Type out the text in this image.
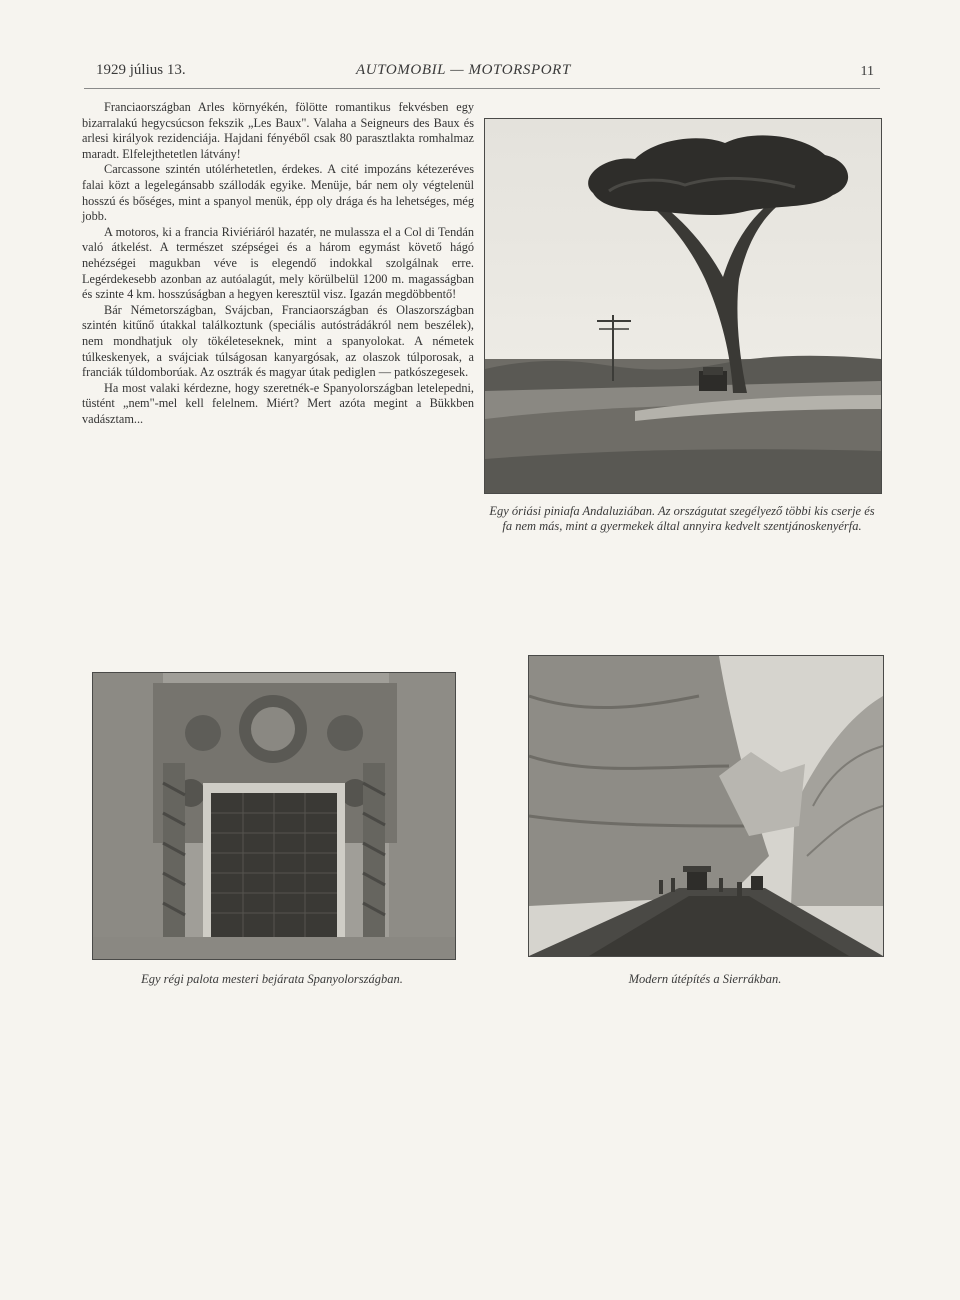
1929 július 13.	AUTOMOBIL — MOTORSPORT	11

Franciaországban Arles környékén, fölötte romantikus fekvésben egy bizarralakú hegycsúcson fekszik „Les Baux". Valaha a Seigneurs des Baux és arlesi királyok rezidenciája. Hajdani fényéből csak 80 parasztlakta romhalmaz maradt. Elfelejthetetlen látvány!

Carcassone szintén utólérhetetlen, érdekes. A cité impozáns kétezeréves falai közt a legelegánsabb szállodák egyike. Menüje, bár nem oly végtelenül hosszú és bőséges, mint a spanyol menük, épp oly drága és ha lehetséges, még jobb.

A motoros, ki a francia Riviériáról hazatér, ne mulassza el a Col di Tendán való átkelést. A természet szépségei és a három egymást követő hágó nehézségei magukban véve is elegendő indokkal szolgálnak erre. Legérdekesebb azonban az autóalagút, mely körülbelül 1200 m. magasságban és szinte 4 km. hosszúságban a hegyen keresztül visz. Igazán megdöbbentő!

Bár Németországban, Svájcban, Franciaországban és Olaszországban szintén kitűnő útakkal találkoztunk (speciális autóstrádákról nem beszélek), nem mondhatjuk oly tökéleteseknek, mint a spanyolokat. A németek túlkeskenyek, a svájciak túlságosan kanyargósak, az olaszok túlporosak, a franciák túldomborúak. Az osztrák és magyar útak pediglen — patkószegesek.

Ha most valaki kérdezne, hogy szeretnék-e Spanyolországban letelepedni, tüstént „nem"-mel kell felelnem. Miért? Mert azóta megint a Bükkben vadásztam...

Egy óriási piniafa Andaluziában. Az országutat szegélyező többi kis cserje és fa nem más, mint a gyermekek által annyira kedvelt szentjánoskenyérfa.
Egy régi palota mesteri bejárata Spanyolországban.	Modern útépítés a Sierrákban.
